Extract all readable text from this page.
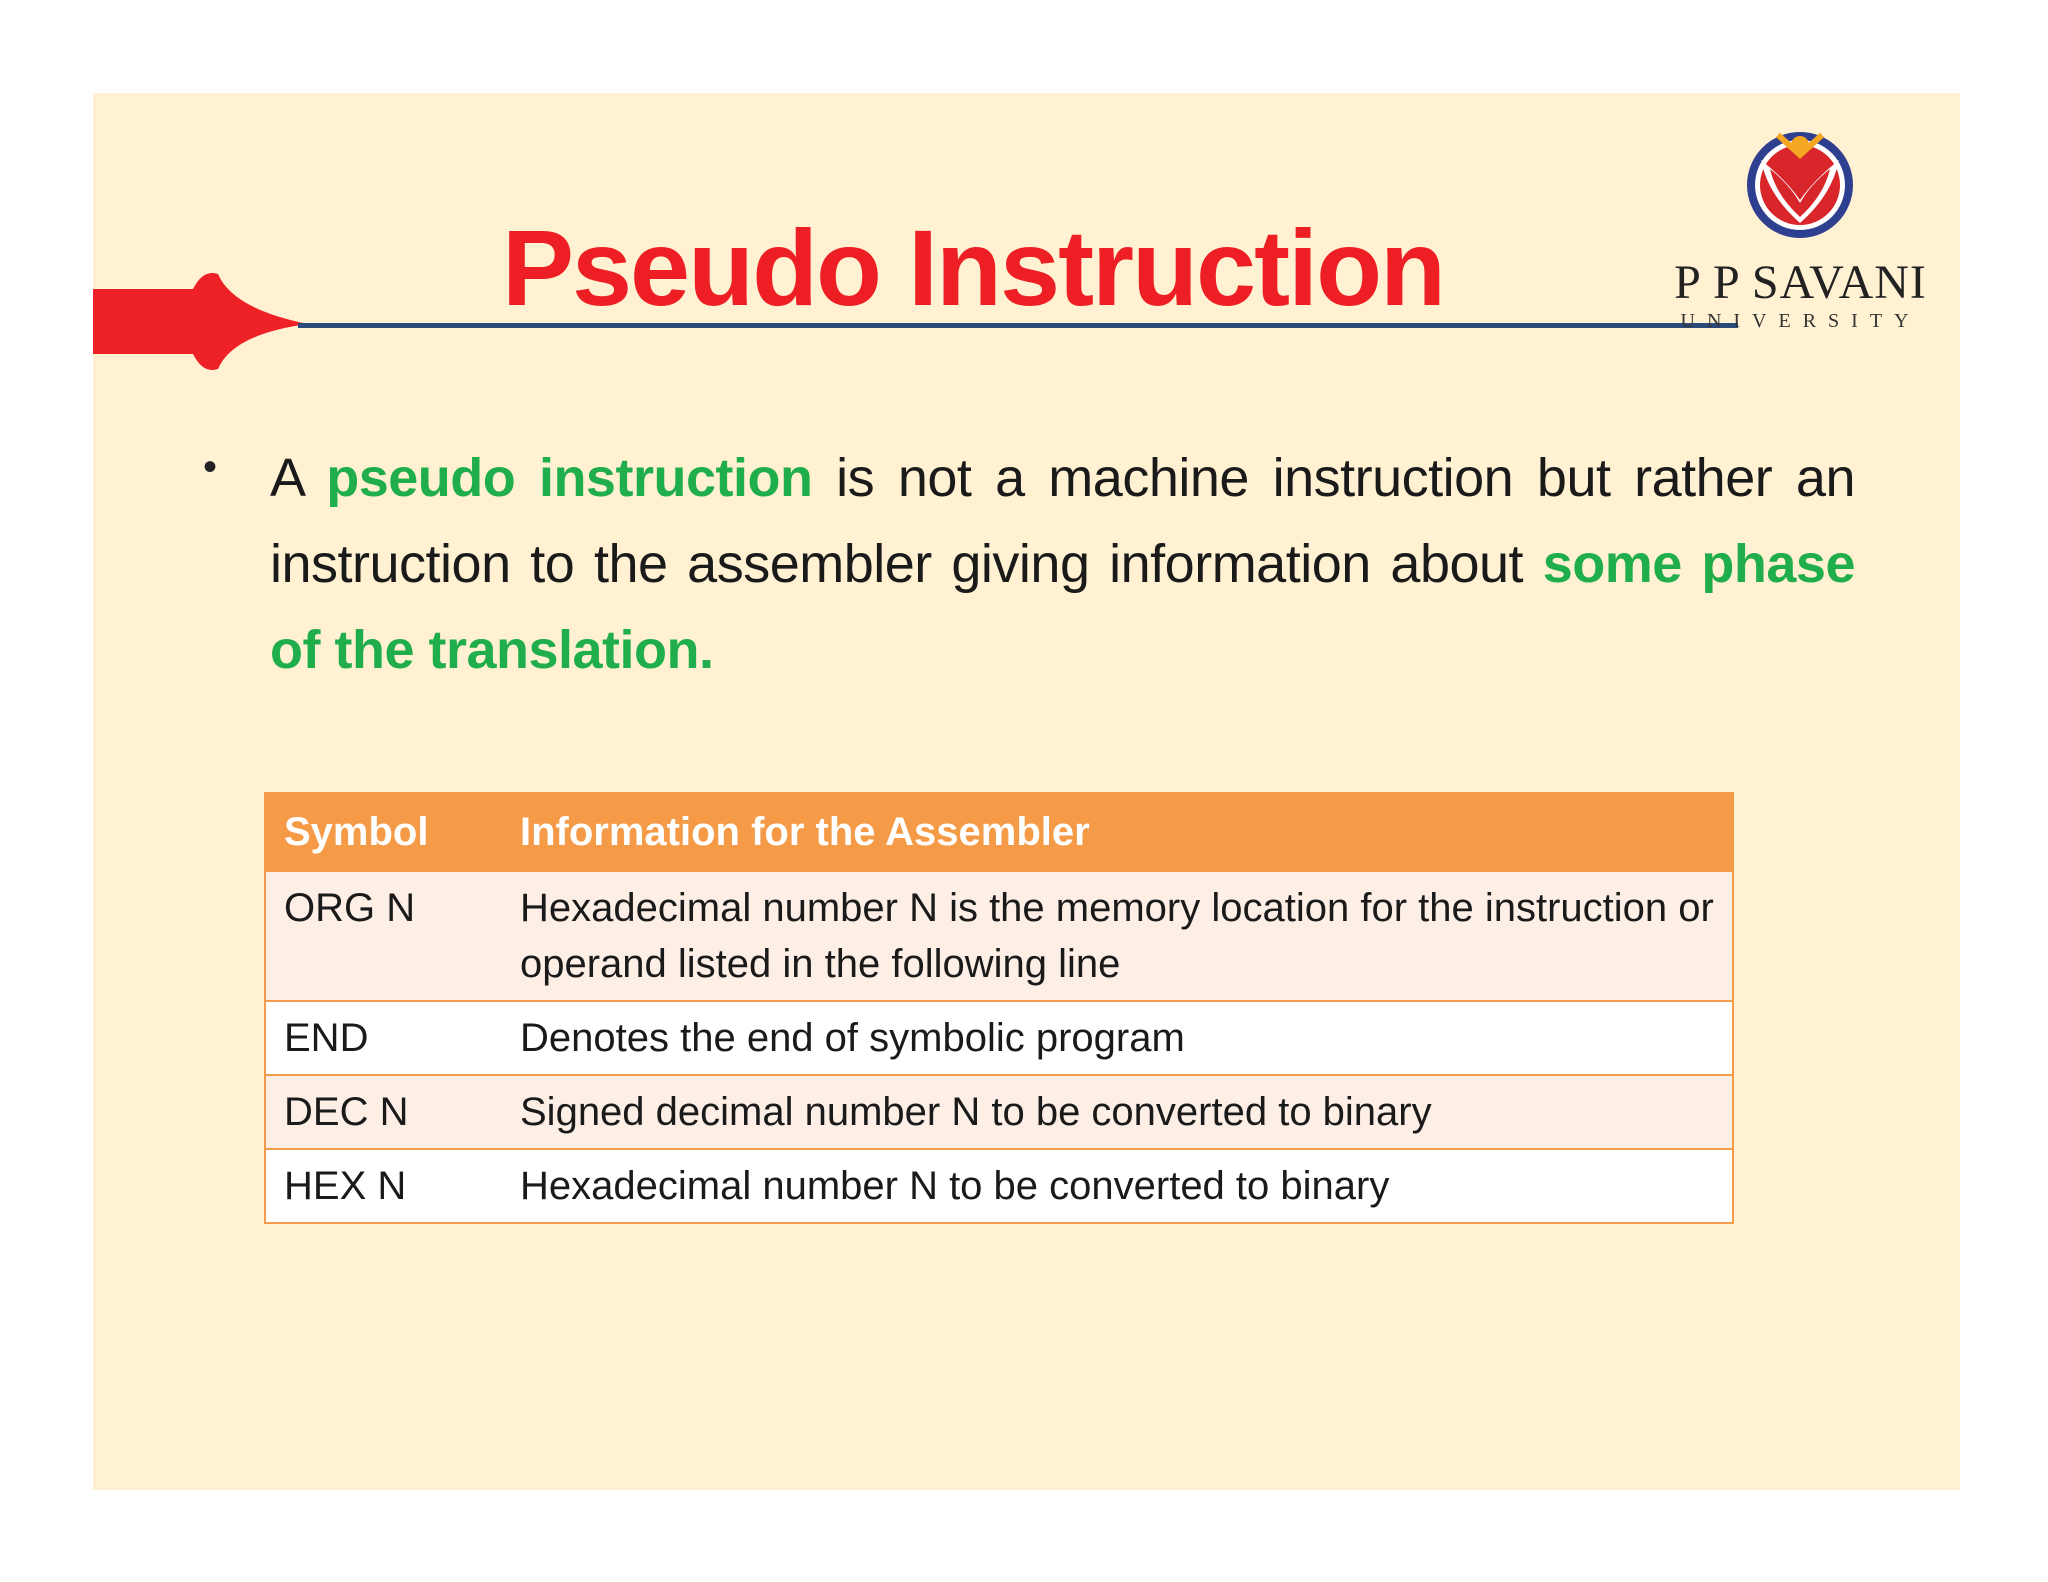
Pseudo Instruction	P P SAVANI
UNIVERSITY
• A pseudo instruction is not a machine instruction but rather an instruction to the assembler giving information about some phase of the translation.
Symbol	Information for the Assembler
ORG N	Hexadecimal number N is the memory location for the instruction or operand listed in the following line
END	Denotes the end of symbolic program
DEC N	Signed decimal number N to be converted to binary
HEX N	Hexadecimal number N to be converted to binary
